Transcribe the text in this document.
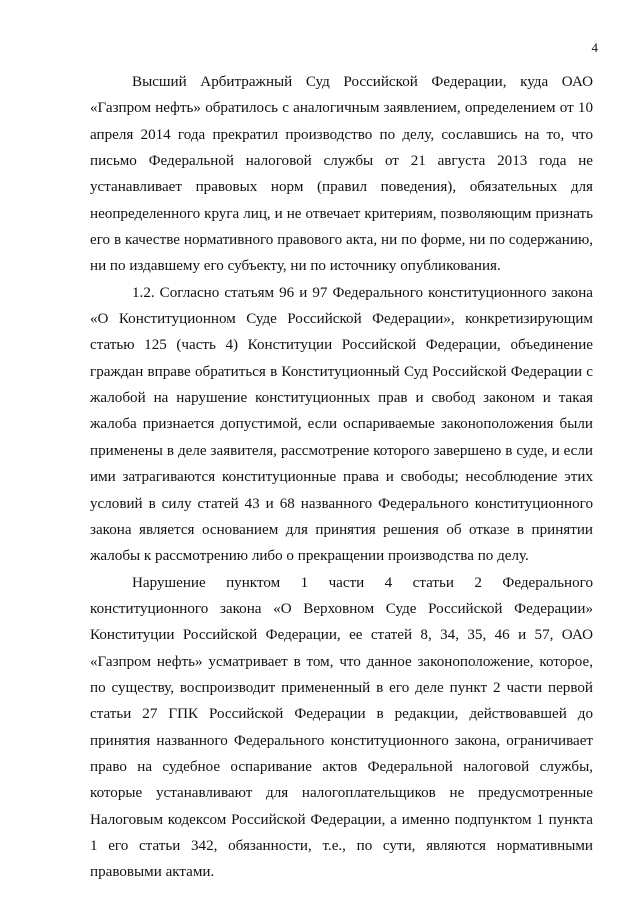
4

Высший Арбитражный Суд Российской Федерации, куда ОАО «Газпром нефть» обратилось с аналогичным заявлением, определением от 10 апреля 2014 года прекратил производство по делу, сославшись на то, что письмо Федеральной налоговой службы от 21 августа 2013 года не устанавливает правовых норм (правил поведения), обязательных для неопределенного круга лиц, и не отвечает критериям, позволяющим признать его в качестве нормативного правового акта, ни по форме, ни по содержанию, ни по издавшему его субъекту, ни по источнику опубликования.

1.2. Согласно статьям 96 и 97 Федерального конституционного закона «О Конституционном Суде Российской Федерации», конкретизирующим статью 125 (часть 4) Конституции Российской Федерации, объединение граждан вправе обратиться в Конституционный Суд Российской Федерации с жалобой на нарушение конституционных прав и свобод законом и такая жалоба признается допустимой, если оспариваемые законоположения были применены в деле заявителя, рассмотрение которого завершено в суде, и если ими затрагиваются конституционные права и свободы; несоблюдение этих условий в силу статей 43 и 68 названного Федерального конституционного закона является основанием для принятия решения об отказе в принятии жалобы к рассмотрению либо о прекращении производства по делу.

Нарушение пунктом 1 части 4 статьи 2 Федерального конституционного закона «О Верховном Суде Российской Федерации» Конституции Российской Федерации, ее статей 8, 34, 35, 46 и 57, ОАО «Газпром нефть» усматривает в том, что данное законоположение, которое, по существу, воспроизводит примененный в его деле пункт 2 части первой статьи 27 ГПК Российской Федерации в редакции, действовавшей до принятия названного Федерального конституционного закона, ограничивает право на судебное оспаривание актов Федеральной налоговой службы, которые устанавливают для налогоплательщиков не предусмотренные Налоговым кодексом Российской Федерации, а именно подпунктом 1 пункта 1 его статьи 342, обязанности, т.е., по сути, являются нормативными правовыми актами.
